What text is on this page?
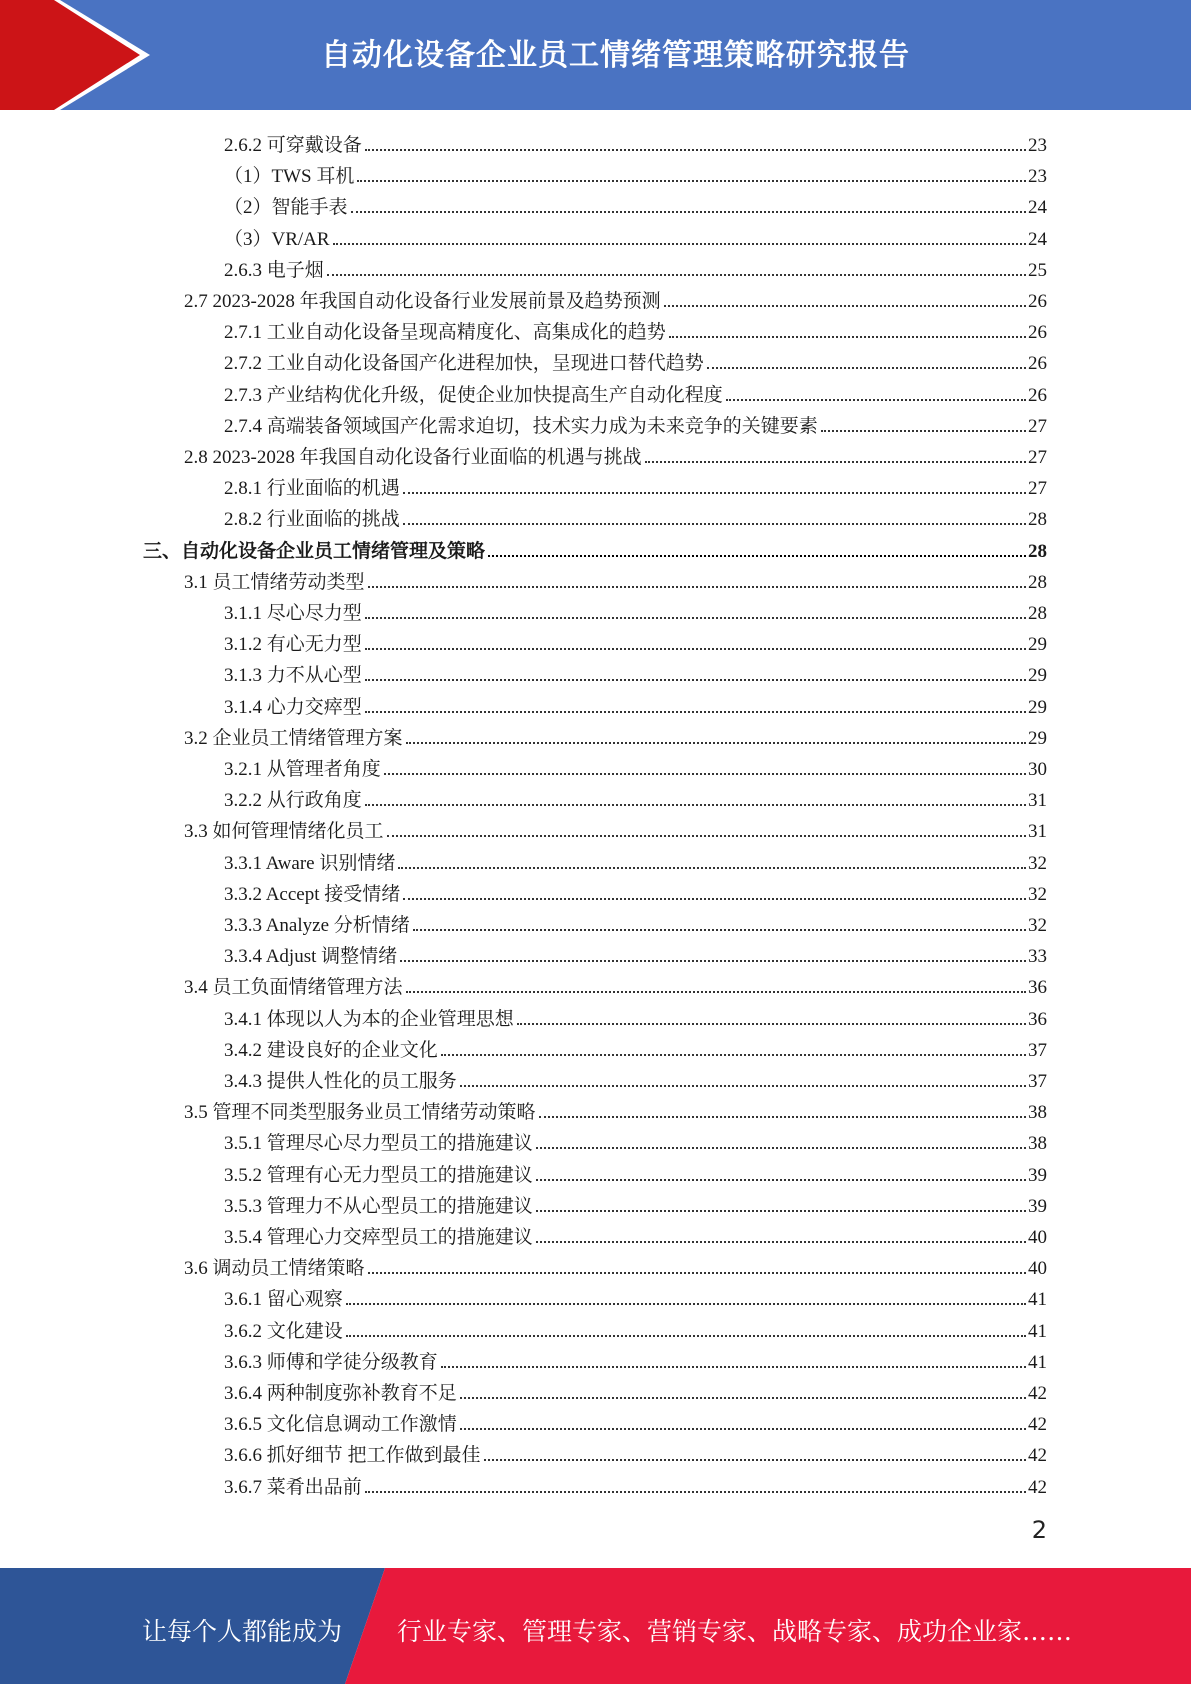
自动化设备企业员工情绪管理策略研究报告
2.6.2 可穿戴设备	23
（1）TWS 耳机	23
（2）智能手表	24
（3）VR/AR	24
2.6.3 电子烟	25
2.7 2023-2028 年我国自动化设备行业发展前景及趋势预测	26
2.7.1 工业自动化设备呈现高精度化、高集成化的趋势	26
2.7.2 工业自动化设备国产化进程加快，呈现进口替代趋势	26
2.7.3 产业结构优化升级，促使企业加快提高生产自动化程度	26
2.7.4 高端装备领域国产化需求迫切，技术实力成为未来竞争的关键要素	27
2.8 2023-2028 年我国自动化设备行业面临的机遇与挑战	27
2.8.1 行业面临的机遇	27
2.8.2 行业面临的挑战	28
三、自动化设备企业员工情绪管理及策略	28
3.1 员工情绪劳动类型	28
3.1.1 尽心尽力型	28
3.1.2 有心无力型	29
3.1.3 力不从心型	29
3.1.4 心力交瘁型	29
3.2 企业员工情绪管理方案	29
3.2.1 从管理者角度	30
3.2.2 从行政角度	31
3.3 如何管理情绪化员工	31
3.3.1 Aware 识别情绪	32
3.3.2 Accept 接受情绪	32
3.3.3 Analyze 分析情绪	32
3.3.4 Adjust 调整情绪	33
3.4 员工负面情绪管理方法	36
3.4.1 体现以人为本的企业管理思想	36
3.4.2 建设良好的企业文化	37
3.4.3 提供人性化的员工服务	37
3.5 管理不同类型服务业员工情绪劳动策略	38
3.5.1 管理尽心尽力型员工的措施建议	38
3.5.2 管理有心无力型员工的措施建议	39
3.5.3 管理力不从心型员工的措施建议	39
3.5.4 管理心力交瘁型员工的措施建议	40
3.6 调动员工情绪策略	40
3.6.1 留心观察	41
3.6.2 文化建设	41
3.6.3 师傅和学徒分级教育	41
3.6.4 两种制度弥补教育不足	42
3.6.5 文化信息调动工作激情	42
3.6.6 抓好细节 把工作做到最佳	42
3.6.7 菜肴出品前	42
2
让每个人都能成为 行业专家、管理专家、营销专家、战略专家、成功企业家……
